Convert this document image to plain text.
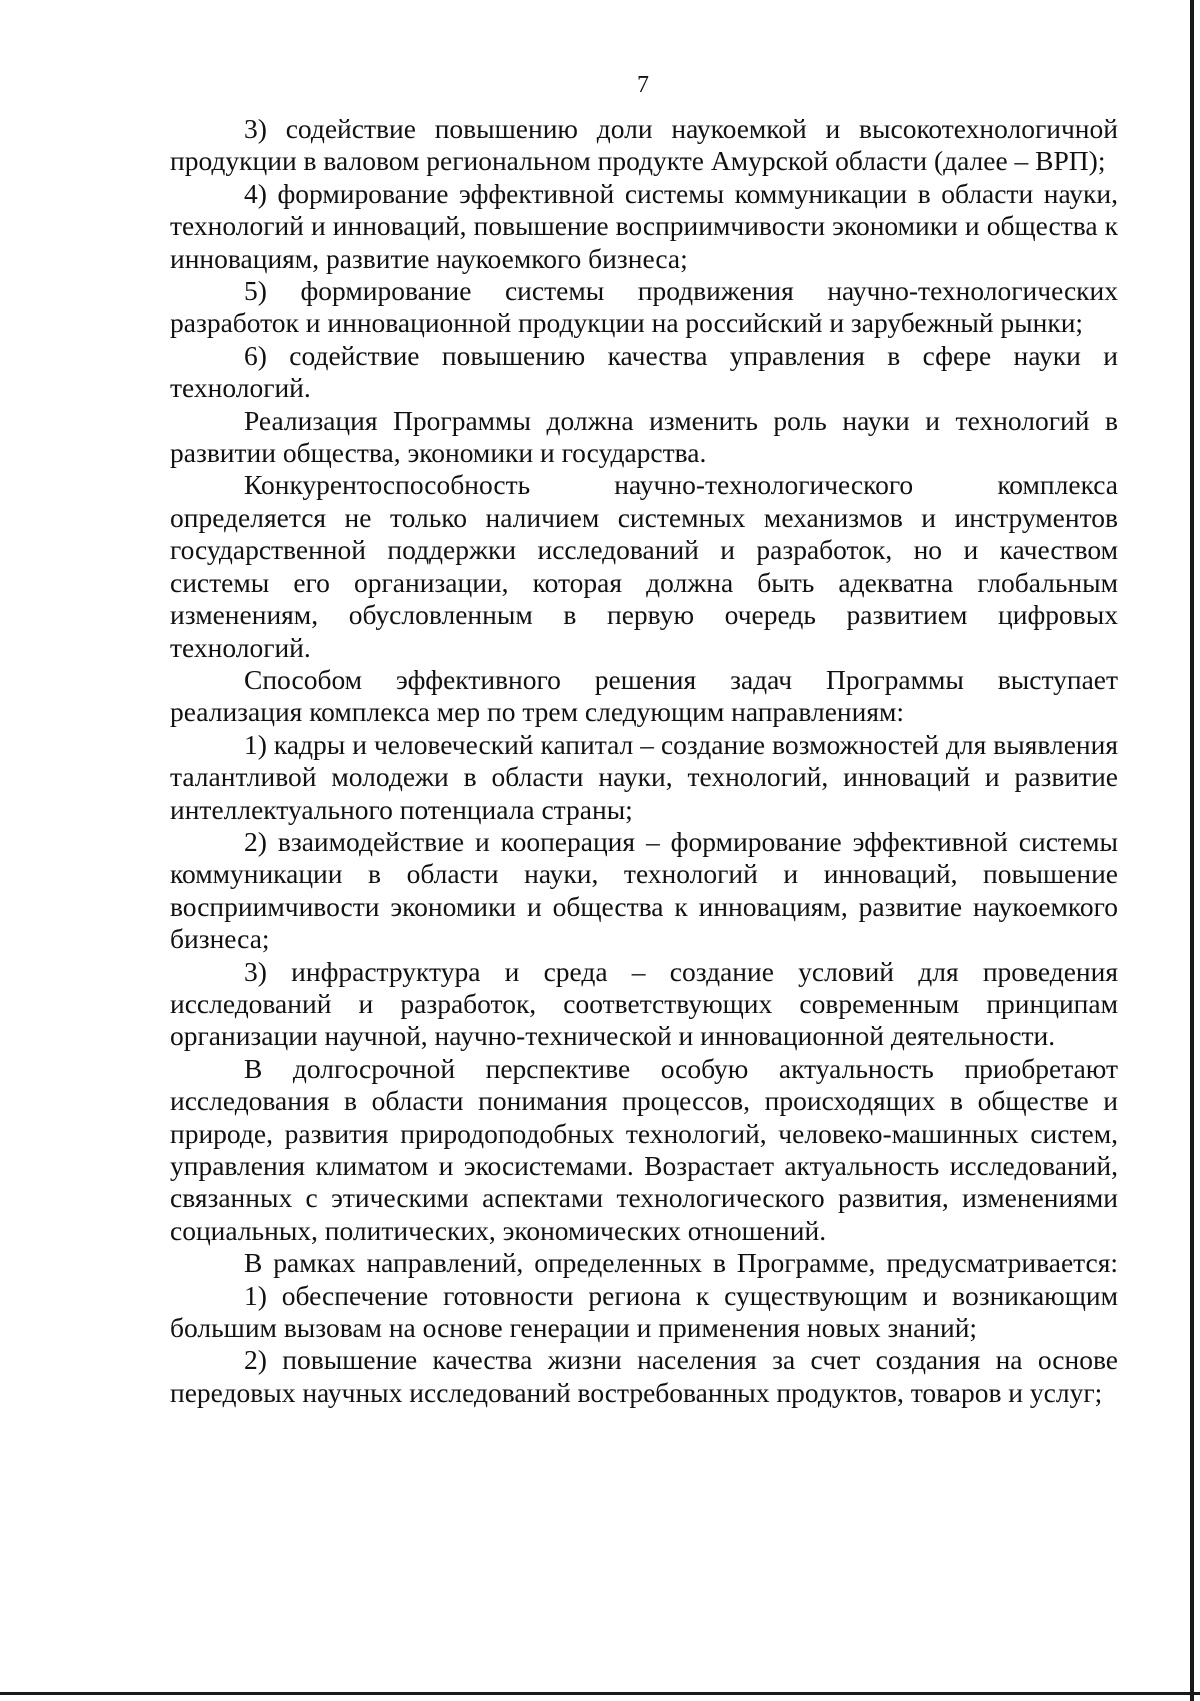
7

3) содействие повышению доли наукоемкой и высокотехнологичной продукции в валовом региональном продукте Амурской области (далее – ВРП);

4) формирование эффективной системы коммуникации в области науки, технологий и инноваций, повышение восприимчивости экономики и общества к инновациям, развитие наукоемкого бизнеса;

5) формирование системы продвижения научно-технологических разработок и инновационной продукции на российский и зарубежный рынки;

6) содействие повышению качества управления в сфере науки и технологий.

Реализация Программы должна изменить роль науки и технологий в развитии общества, экономики и государства.

Конкурентоспособность научно-технологического комплекса определяется не только наличием системных механизмов и инструментов государственной поддержки исследований и разработок, но и качеством системы его организации, которая должна быть адекватна глобальным изменениям, обусловленным в первую очередь развитием цифровых технологий.

Способом эффективного решения задач Программы выступает реализация комплекса мер по трем следующим направлениям:

1) кадры и человеческий капитал – создание возможностей для выявления талантливой молодежи в области науки, технологий, инноваций и развитие интеллектуального потенциала страны;

2) взаимодействие и кооперация – формирование эффективной системы коммуникации в области науки, технологий и инноваций, повышение восприимчивости экономики и общества к инновациям, развитие наукоемкого бизнеса;

3) инфраструктура и среда – создание условий для проведения исследований и разработок, соответствующих современным принципам организации научной, научно-технической и инновационной деятельности.

В долгосрочной перспективе особую актуальность приобретают исследования в области понимания процессов, происходящих в обществе и природе, развития природоподобных технологий, человеко-машинных систем, управления климатом и экосистемами. Возрастает актуальность исследований, связанных с этическими аспектами технологического развития, изменениями социальных, политических, экономических отношений.

В рамках направлений, определенных в Программе, предусматривается:

1) обеспечение готовности региона к существующим и возникающим большим вызовам на основе генерации и применения новых знаний;

2) повышение качества жизни населения за счет создания на основе передовых научных исследований востребованных продуктов, товаров и услуг;
